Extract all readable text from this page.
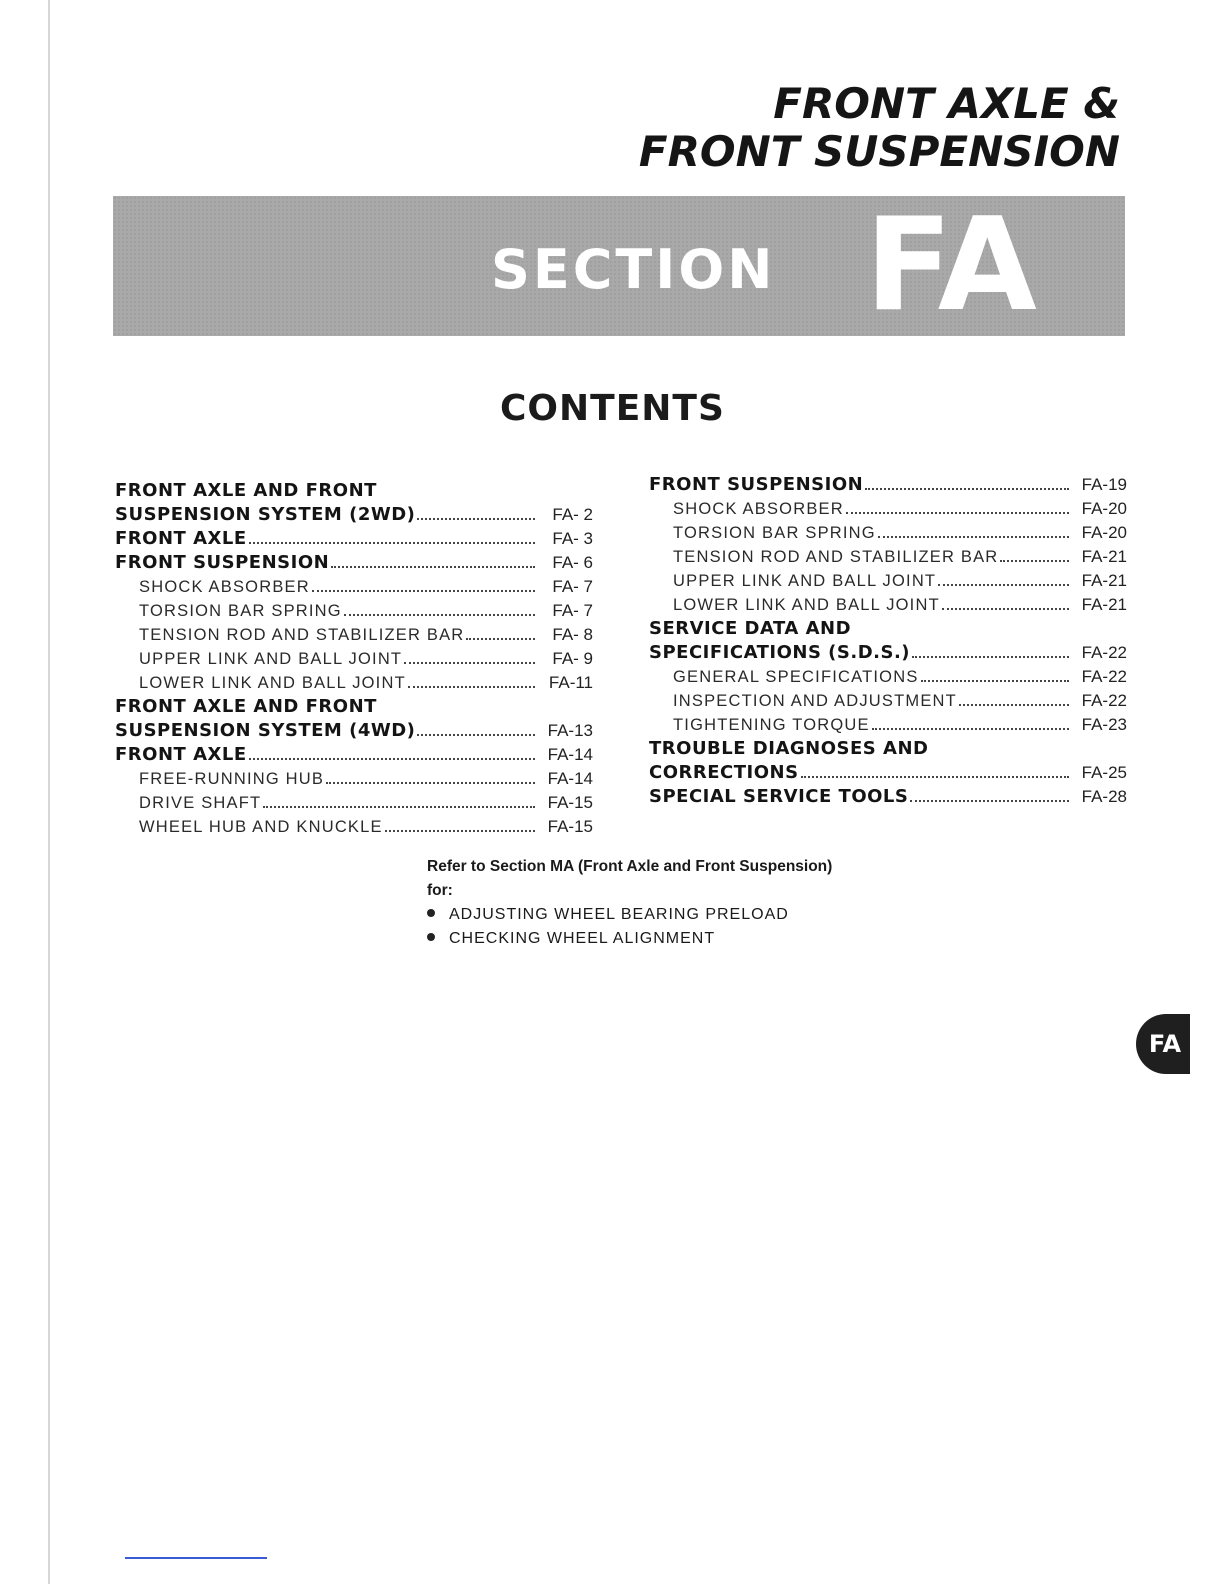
FRONT AXLE &
FRONT SUSPENSION
SECTION FA
CONTENTS
FRONT AXLE AND FRONT
SUSPENSION SYSTEM (2WD)	FA- 2
FRONT AXLE	FA- 3
FRONT SUSPENSION	FA- 6
SHOCK ABSORBER	FA- 7
TORSION BAR SPRING	FA- 7
TENSION ROD AND STABILIZER BAR	FA- 8
UPPER LINK AND BALL JOINT	FA- 9
LOWER LINK AND BALL JOINT	FA-11
FRONT AXLE AND FRONT
SUSPENSION SYSTEM (4WD)	FA-13
FRONT AXLE	FA-14
FREE-RUNNING HUB	FA-14
DRIVE SHAFT	FA-15
WHEEL HUB AND KNUCKLE	FA-15
FRONT SUSPENSION	FA-19
SHOCK ABSORBER	FA-20
TORSION BAR SPRING	FA-20
TENSION ROD AND STABILIZER BAR	FA-21
UPPER LINK AND BALL JOINT	FA-21
LOWER LINK AND BALL JOINT	FA-21
SERVICE DATA AND
SPECIFICATIONS (S.D.S.)	FA-22
GENERAL SPECIFICATIONS	FA-22
INSPECTION AND ADJUSTMENT	FA-22
TIGHTENING TORQUE	FA-23
TROUBLE DIAGNOSES AND
CORRECTIONS	FA-25
SPECIAL SERVICE TOOLS	FA-28
Refer to Section MA (Front Axle and Front Suspension)
for:
ADJUSTING WHEEL BEARING PRELOAD
CHECKING WHEEL ALIGNMENT
FA
